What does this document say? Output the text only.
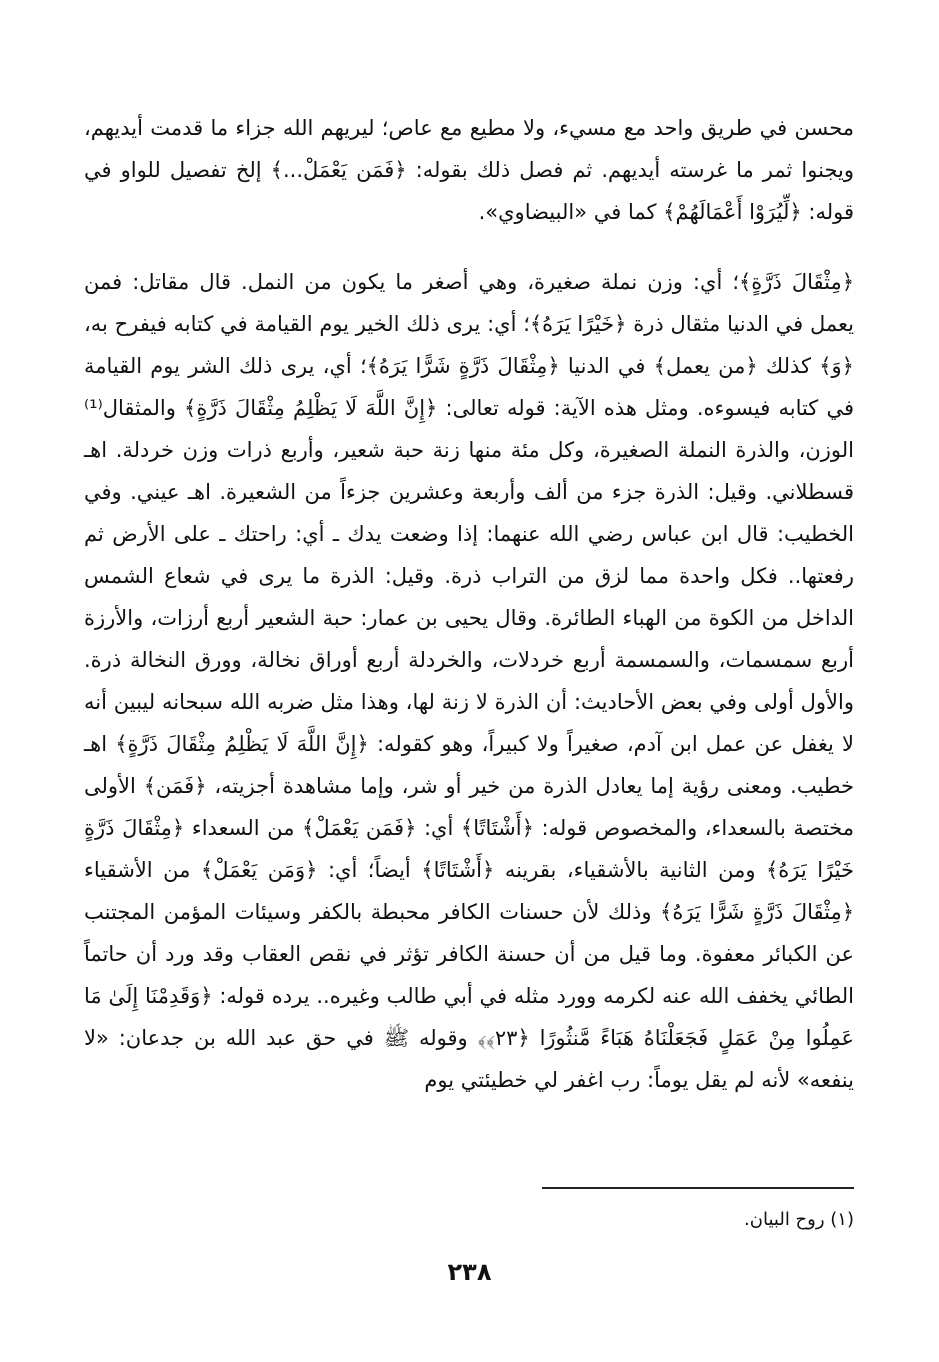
محسن في طريق واحد مع مسيء، ولا مطيع مع عاص؛ ليريهم الله جزاء ما قدمت أيديهم، ويجنوا ثمر ما غرسته أيديهم. ثم فصل ذلك بقوله: ﴿فَمَن يَعْمَلْ...﴾ إلخ تفصيل للواو في قوله: ﴿لِّيُرَوْا أَعْمَالَهُمْ﴾ كما في «البيضاوي».

﴿مِثْقَالَ ذَرَّةٍ﴾؛ أي: وزن نملة صغيرة، وهي أصغر ما يكون من النمل. قال مقاتل: فمن يعمل في الدنيا مثقال ذرة ﴿خَيْرًا يَرَهُ﴾؛ أي: يرى ذلك الخير يوم القيامة في كتابه فيفرح به، ﴿وَ﴾ كذلك ﴿من يعمل﴾ في الدنيا ﴿مِثْقَالَ ذَرَّةٍ شَرًّا يَرَهُ﴾؛ أي، يرى ذلك الشر يوم القيامة في كتابه فيسوءه. ومثل هذه الآية: قوله تعالى: ﴿إِنَّ اللَّهَ لَا يَظْلِمُ مِثْقَالَ ذَرَّةٍ﴾ والمثقال⁽¹⁾ الوزن، والذرة النملة الصغيرة، وكل مئة منها زنة حبة شعير، وأربع ذرات وزن خردلة. اهـ قسطلاني. وقيل: الذرة جزء من ألف وأربعة وعشرين جزءاً من الشعيرة. اهـ عيني. وفي الخطيب: قال ابن عباس رضي الله عنهما: إذا وضعت يدك ـ أي: راحتك ـ على الأرض ثم رفعتها.. فكل واحدة مما لزق من التراب ذرة. وقيل: الذرة ما يرى في شعاع الشمس الداخل من الكوة من الهباء الطائرة. وقال يحيى بن عمار: حبة الشعير أربع أرزات، والأرزة أربع سمسمات، والسمسمة أربع خردلات، والخردلة أربع أوراق نخالة، وورق النخالة ذرة. والأول أولى وفي بعض الأحاديث: أن الذرة لا زنة لها، وهذا مثل ضربه الله سبحانه ليبين أنه لا يغفل عن عمل ابن آدم، صغيراً ولا كبيراً، وهو كقوله: ﴿إِنَّ اللَّهَ لَا يَظْلِمُ مِثْقَالَ ذَرَّةٍ﴾ اهـ خطيب. ومعنى رؤية إما يعادل الذرة من خير أو شر، وإما مشاهدة أجزيته، ﴿فَمَن﴾ الأولى مختصة بالسعداء، والمخصوص قوله: ﴿أَشْتَاتًا﴾ أي: ﴿فَمَن يَعْمَلْ﴾ من السعداء ﴿مِثْقَالَ ذَرَّةٍ خَيْرًا يَرَهُ﴾ ومن الثانية بالأشقياء، بقرينه ﴿أَشْتَاتًا﴾ أيضاً؛ أي: ﴿وَمَن يَعْمَلْ﴾ من الأشقياء ﴿مِثْقَالَ ذَرَّةٍ شَرًّا يَرَهُ﴾ وذلك لأن حسنات الكافر محبطة بالكفر وسيئات المؤمن المجتنب عن الكبائر معفوة. وما قيل من أن حسنة الكافر تؤثر في نقص العقاب وقد ورد أن حاتماً الطائي يخفف الله عنه لكرمه وورد مثله في أبي طالب وغيره.. يرده قوله: ﴿وَقَدِمْنَا إِلَىٰ مَا عَمِلُوا مِنْ عَمَلٍ فَجَعَلْنَاهُ هَبَاءً مَّنثُورًا ﴿٢٣﴾﴾ وقوله ﷺ في حق عبد الله بن جدعان: «لا ينفعه» لأنه لم يقل يوماً: رب اغفر لي خطيئتي يوم

(١) روح البيان.
٢٣٨
